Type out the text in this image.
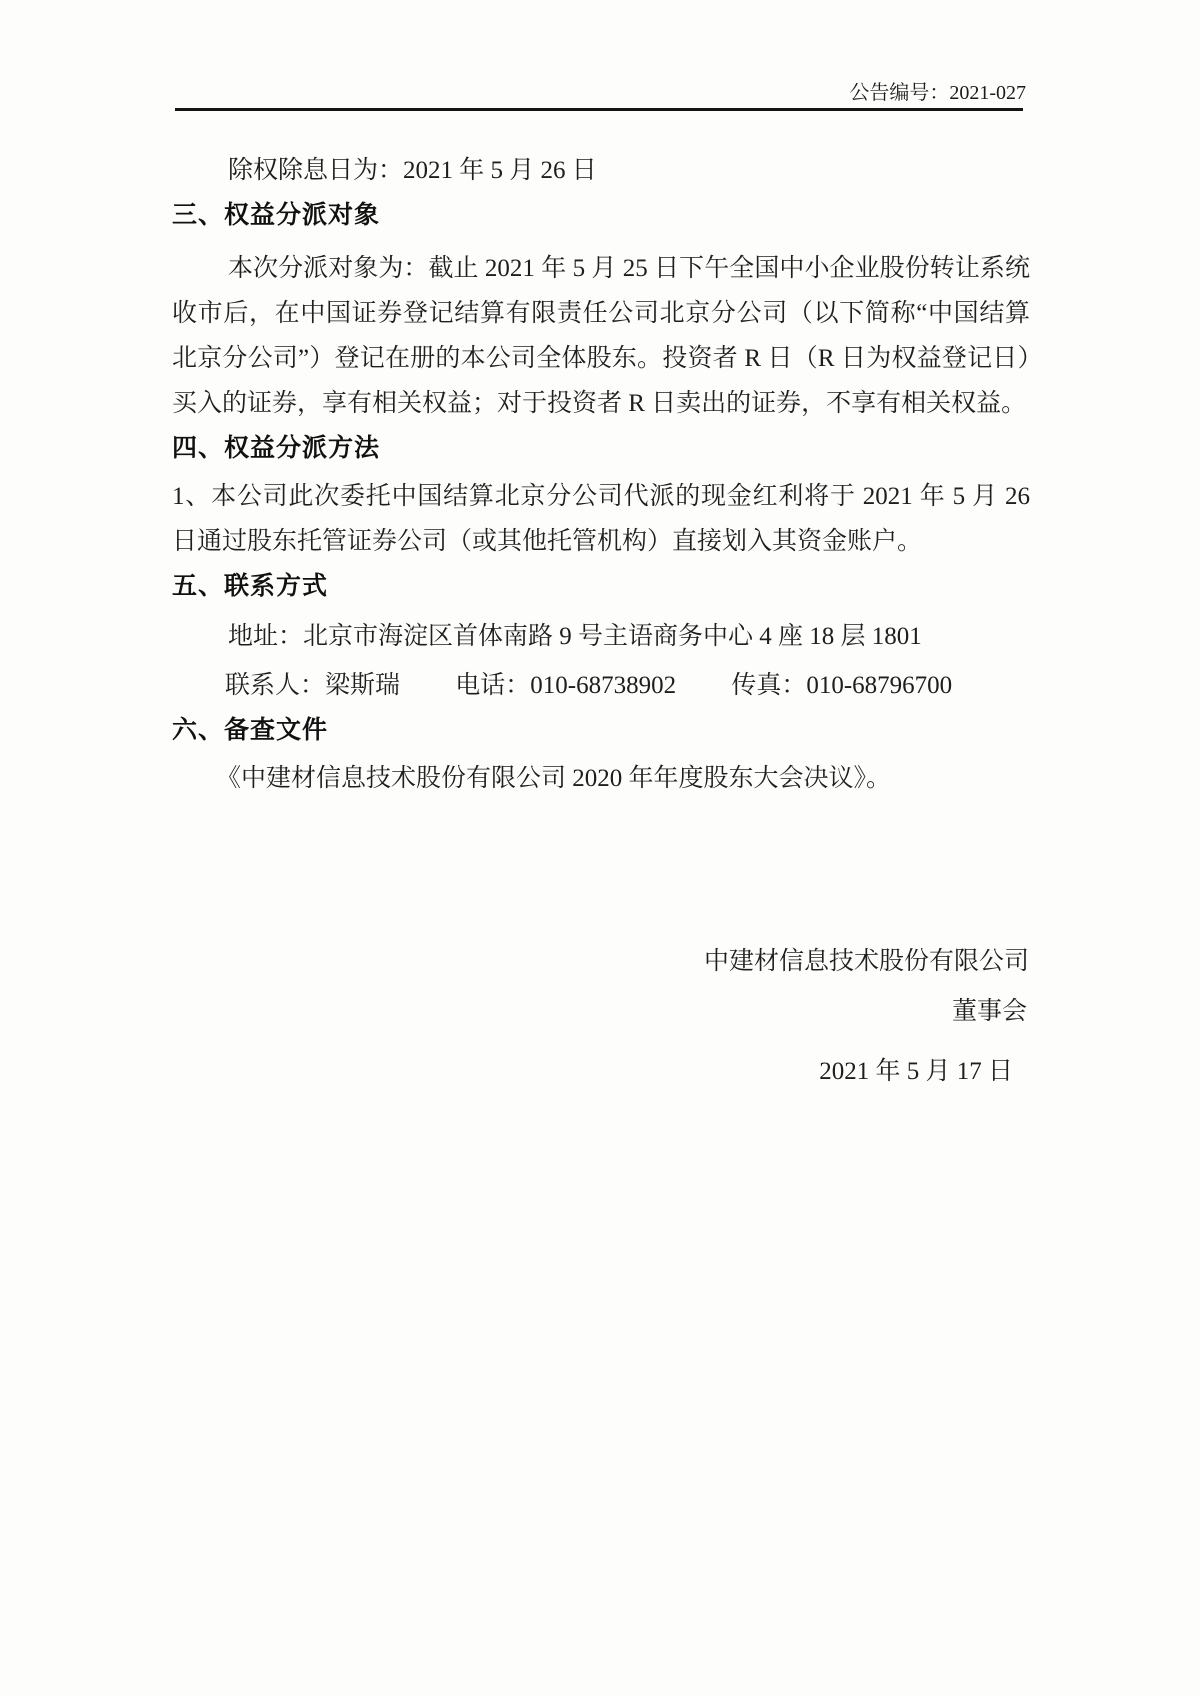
公告编号：2021-027

除权除息日为：2021 年 5 月 26 日

三、权益分派对象

本次分派对象为：截止 2021 年 5 月 25 日下午全国中小企业股份转让系统收市后，在中国证券登记结算有限责任公司北京分公司（以下简称“中国结算北京分公司”）登记在册的本公司全体股东。投资者 R 日（R 日为权益登记日）买入的证券，享有相关权益；对于投资者 R 日卖出的证券，不享有相关权益。

四、权益分派方法

1、本公司此次委托中国结算北京分公司代派的现金红利将于 2021 年 5 月 26 日通过股东托管证券公司（或其他托管机构）直接划入其资金账户。

五、联系方式

地址：北京市海淀区首体南路 9 号主语商务中心 4 座 18 层 1801

联系人：梁斯瑞 电话：010-68738902 传真：010-68796700
六、备查文件

《中建材信息技术股份有限公司 2020 年年度股东大会决议》。

中建材信息技术股份有限公司
董事会
2021 年 5 月 17 日
